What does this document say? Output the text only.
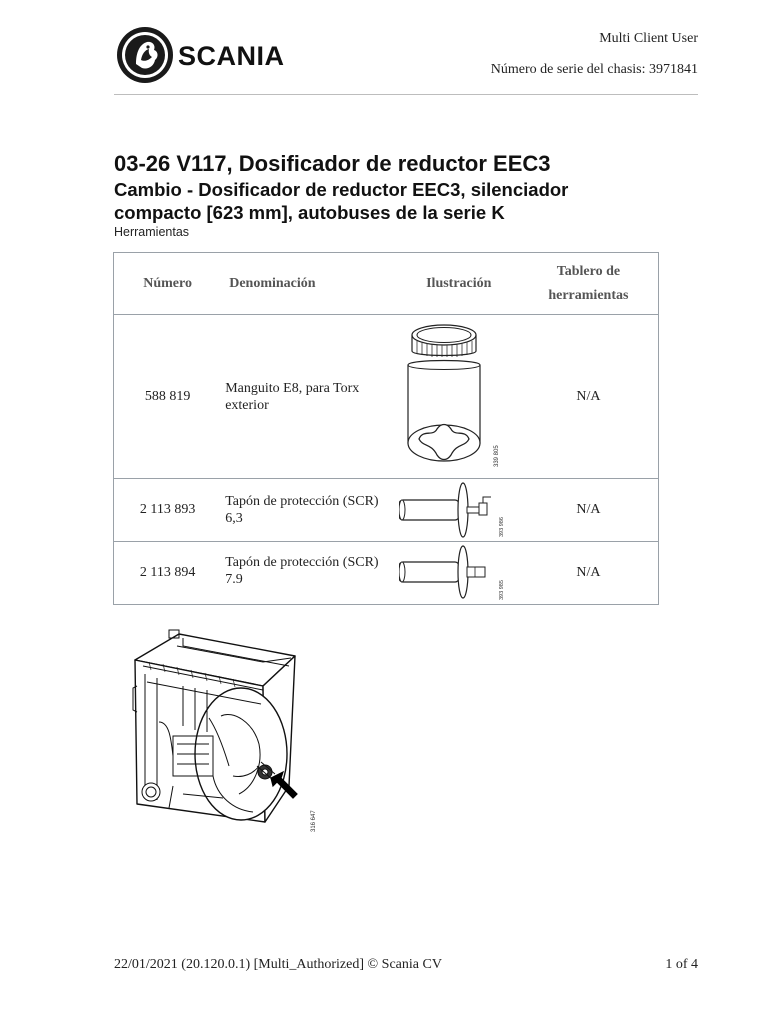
SCANIA
Multi Client User
Número de serie del chasis: 3971841
03-26 V117, Dosificador de reductor EEC3
Cambio - Dosificador de reductor EEC3, silenciador
compacto [623 mm], autobuses de la serie K
Herramientas
Número	Denominación	Ilustración	Tablero de
herramientas
588 819	Manguito E8, para Torx
exterior	339 805	N/A
2 113 893	Tapón de protección (SCR)
6,3	393 986	N/A
2 113 894	Tapón de protección (SCR)
7.9	393 985	N/A
316 647
22/01/2021 (20.120.0.1) [Multi_Authorized] © Scania CV	1 of 4
